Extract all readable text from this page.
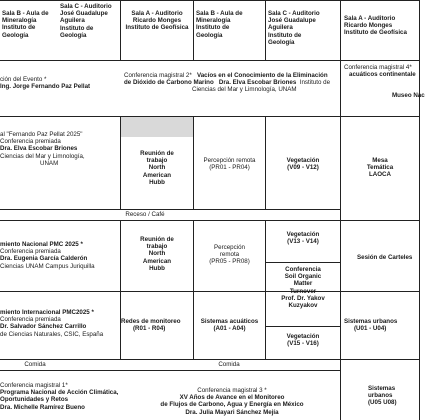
Sala B - Aula de
Mineralogía
Instituto de
Geología
Sala C - Auditorio
José Guadalupe
Aguilera
Instituto de
Geología
Sala A - Auditorio
Ricardo Monges
Instituto de Geofísica
Sala B - Aula de
Mineralogía
Instituto de
Geología
Sala C - Auditorio
José Guadalupe
Aguilera
Instituto de
Geología
Sala A - Auditorio
Ricardo Monges
Instituto de Geofísica
ción del Evento *
Ing. Jorge Fernando Paz Pellat
Conferencia magistral 2* Vacíos en el Conocimiento de la Eliminación
de Dióxido de Carbono Marino Dra. Elva Escobar Briones Instituto de
Ciencias del Mar y Limnología, UNAM
al "Fernando Paz Pellat 2025"
Conferencia premiada
Dra. Elva Escobar Briones
Ciencias del Mar y Limnología,
UNAM
Reunión de
trabajo
North
American
Hubb
Percepción remota
(PR01 - PR04)
Vegetación
(V09 - V12)
Conferencia magistral 4*
acuáticos continentale
Museo Nac
Mesa
Temática
LAOCA
Receso / Café
miento Nacional PMC 2025 *
Conferencia premiada
Dra. Eugenia García Calderón
Ciencias UNAM Campus Juriquilla
Reunión de
trabajo
North
American
Hubb
Percepción
remota
(PR05 - PR08)
Vegetación
(V13 - V14)
Conferencia
Soil Organic
Matter
Turnover
Prof. Dr. Yakov
Kuzyakov
Sesión de Carteles
miento Internacional PMC2025 *
Conferencia premiada
Dr. Salvador Sánchez Carrillo
de Ciencias Naturales, CSIC, España
Redes de monitoreo
(R01 - R04)
Sistemas acuáticos
(A01 - A04)
Vegetación
(V15 - V16)
Sistemas urbanos
(U01 - U04)
Comida	Comida
Conferencia magistral 1*
Programa Nacional de Acción Climática,
Oportunidades y Retos
Dra. Michelle Ramírez Bueno
Conferencia magistral 3 *
XV Años de Avance en el Monitoreo
de Flujos de Carbono, Agua y Energía en México
Dra. Julia Mayari Sánchez Mejía
Sistemas
urbanos
(U05 U08)
